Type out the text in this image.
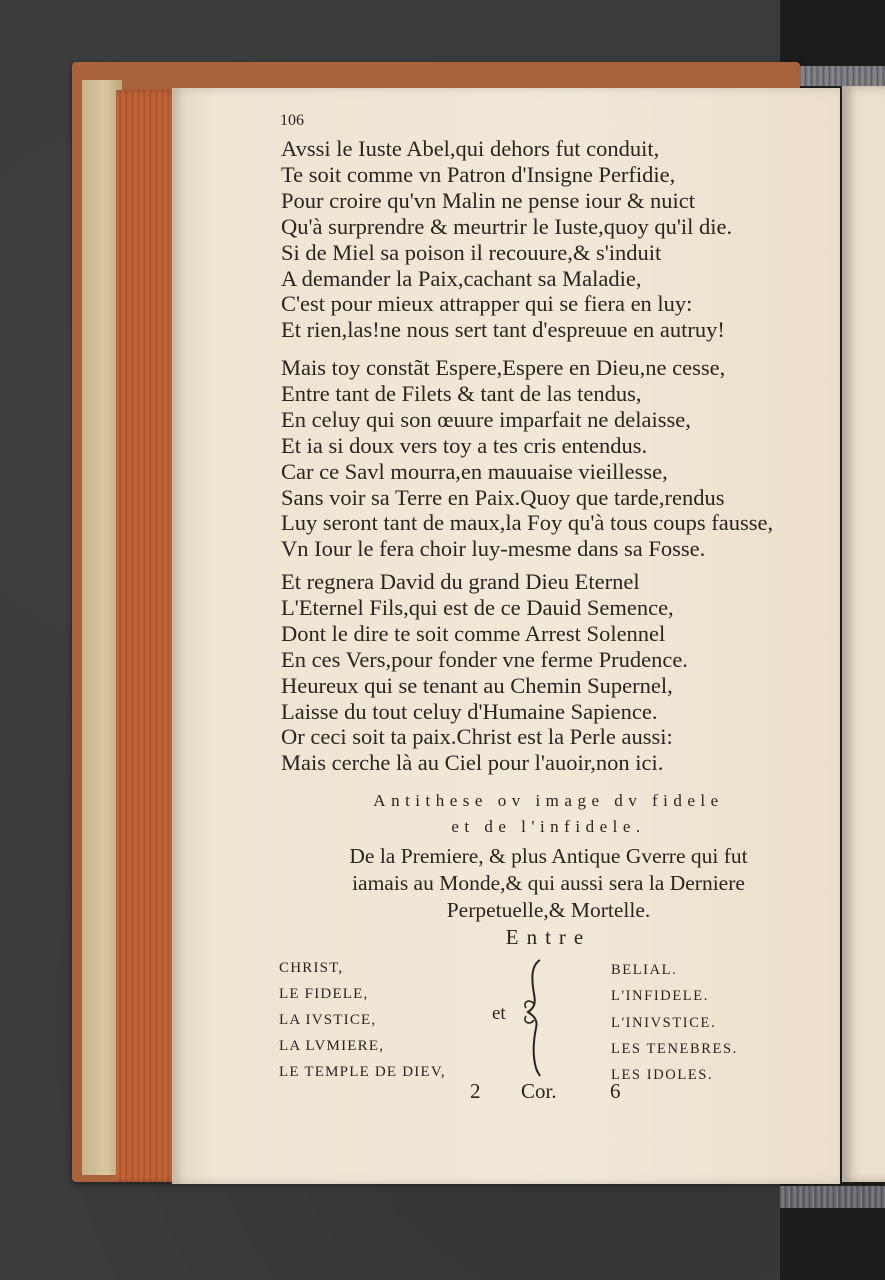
106
Avssi le Iuste Abel,qui dehors fut conduit,
Te soit comme vn Patron d'Insigne Perfidie,
Pour croire qu'vn Malin ne pense iour & nuict
Qu'à surprendre & meurtrir le Iuste,quoy qu'il die.
Si de Miel sa poison il recouure,& s'induit
A demander la Paix,cachant sa Maladie,
C'est pour mieux attrapper qui se fiera en luy:
Et rien,las!ne nous sert tant d'espreuue en autruy!
Mais toy constãt Espere,Espere en Dieu,ne cesse,
Entre tant de Filets & tant de las tendus,
En celuy qui son œuure imparfait ne delaisse,
Et ia si doux vers toy a tes cris entendus.
Car ce Savl mourra,en mauuaise vieillesse,
Sans voir sa Terre en Paix.Quoy que tarde,rendus
Luy seront tant de maux,la Foy qu'à tous coups fausse,
Vn Iour le fera choir luy-mesme dans sa Fosse.
Et regnera David du grand Dieu Eternel
L'Eternel Fils,qui est de ce Dauid Semence,
Dont le dire te soit comme Arrest Solennel
En ces Vers,pour fonder vne ferme Prudence.
Heureux qui se tenant au Chemin Supernel,
Laisse du tout celuy d'Humaine Sapience.
Or ceci soit ta paix.Christ est la Perle aussi:
Mais cerche là au Ciel pour l'auoir,non ici.
Antithese ov image dv fidele
et de l'infidele.
De la Premiere, & plus Antique Gverre qui fut
iamais au Monde,& qui aussi sera la Derniere
Perpetuelle,& Mortelle.
Entre
CHRIST,
LE FIDELE,
LA IVSTICE,
LA LVMIERE,
LE TEMPLE DE DIEV,
et
BELIAL.
L'INFIDELE.
L'INIVSTICE.
LES TENEBRES.
LES IDOLES.
2 Cor.	6
